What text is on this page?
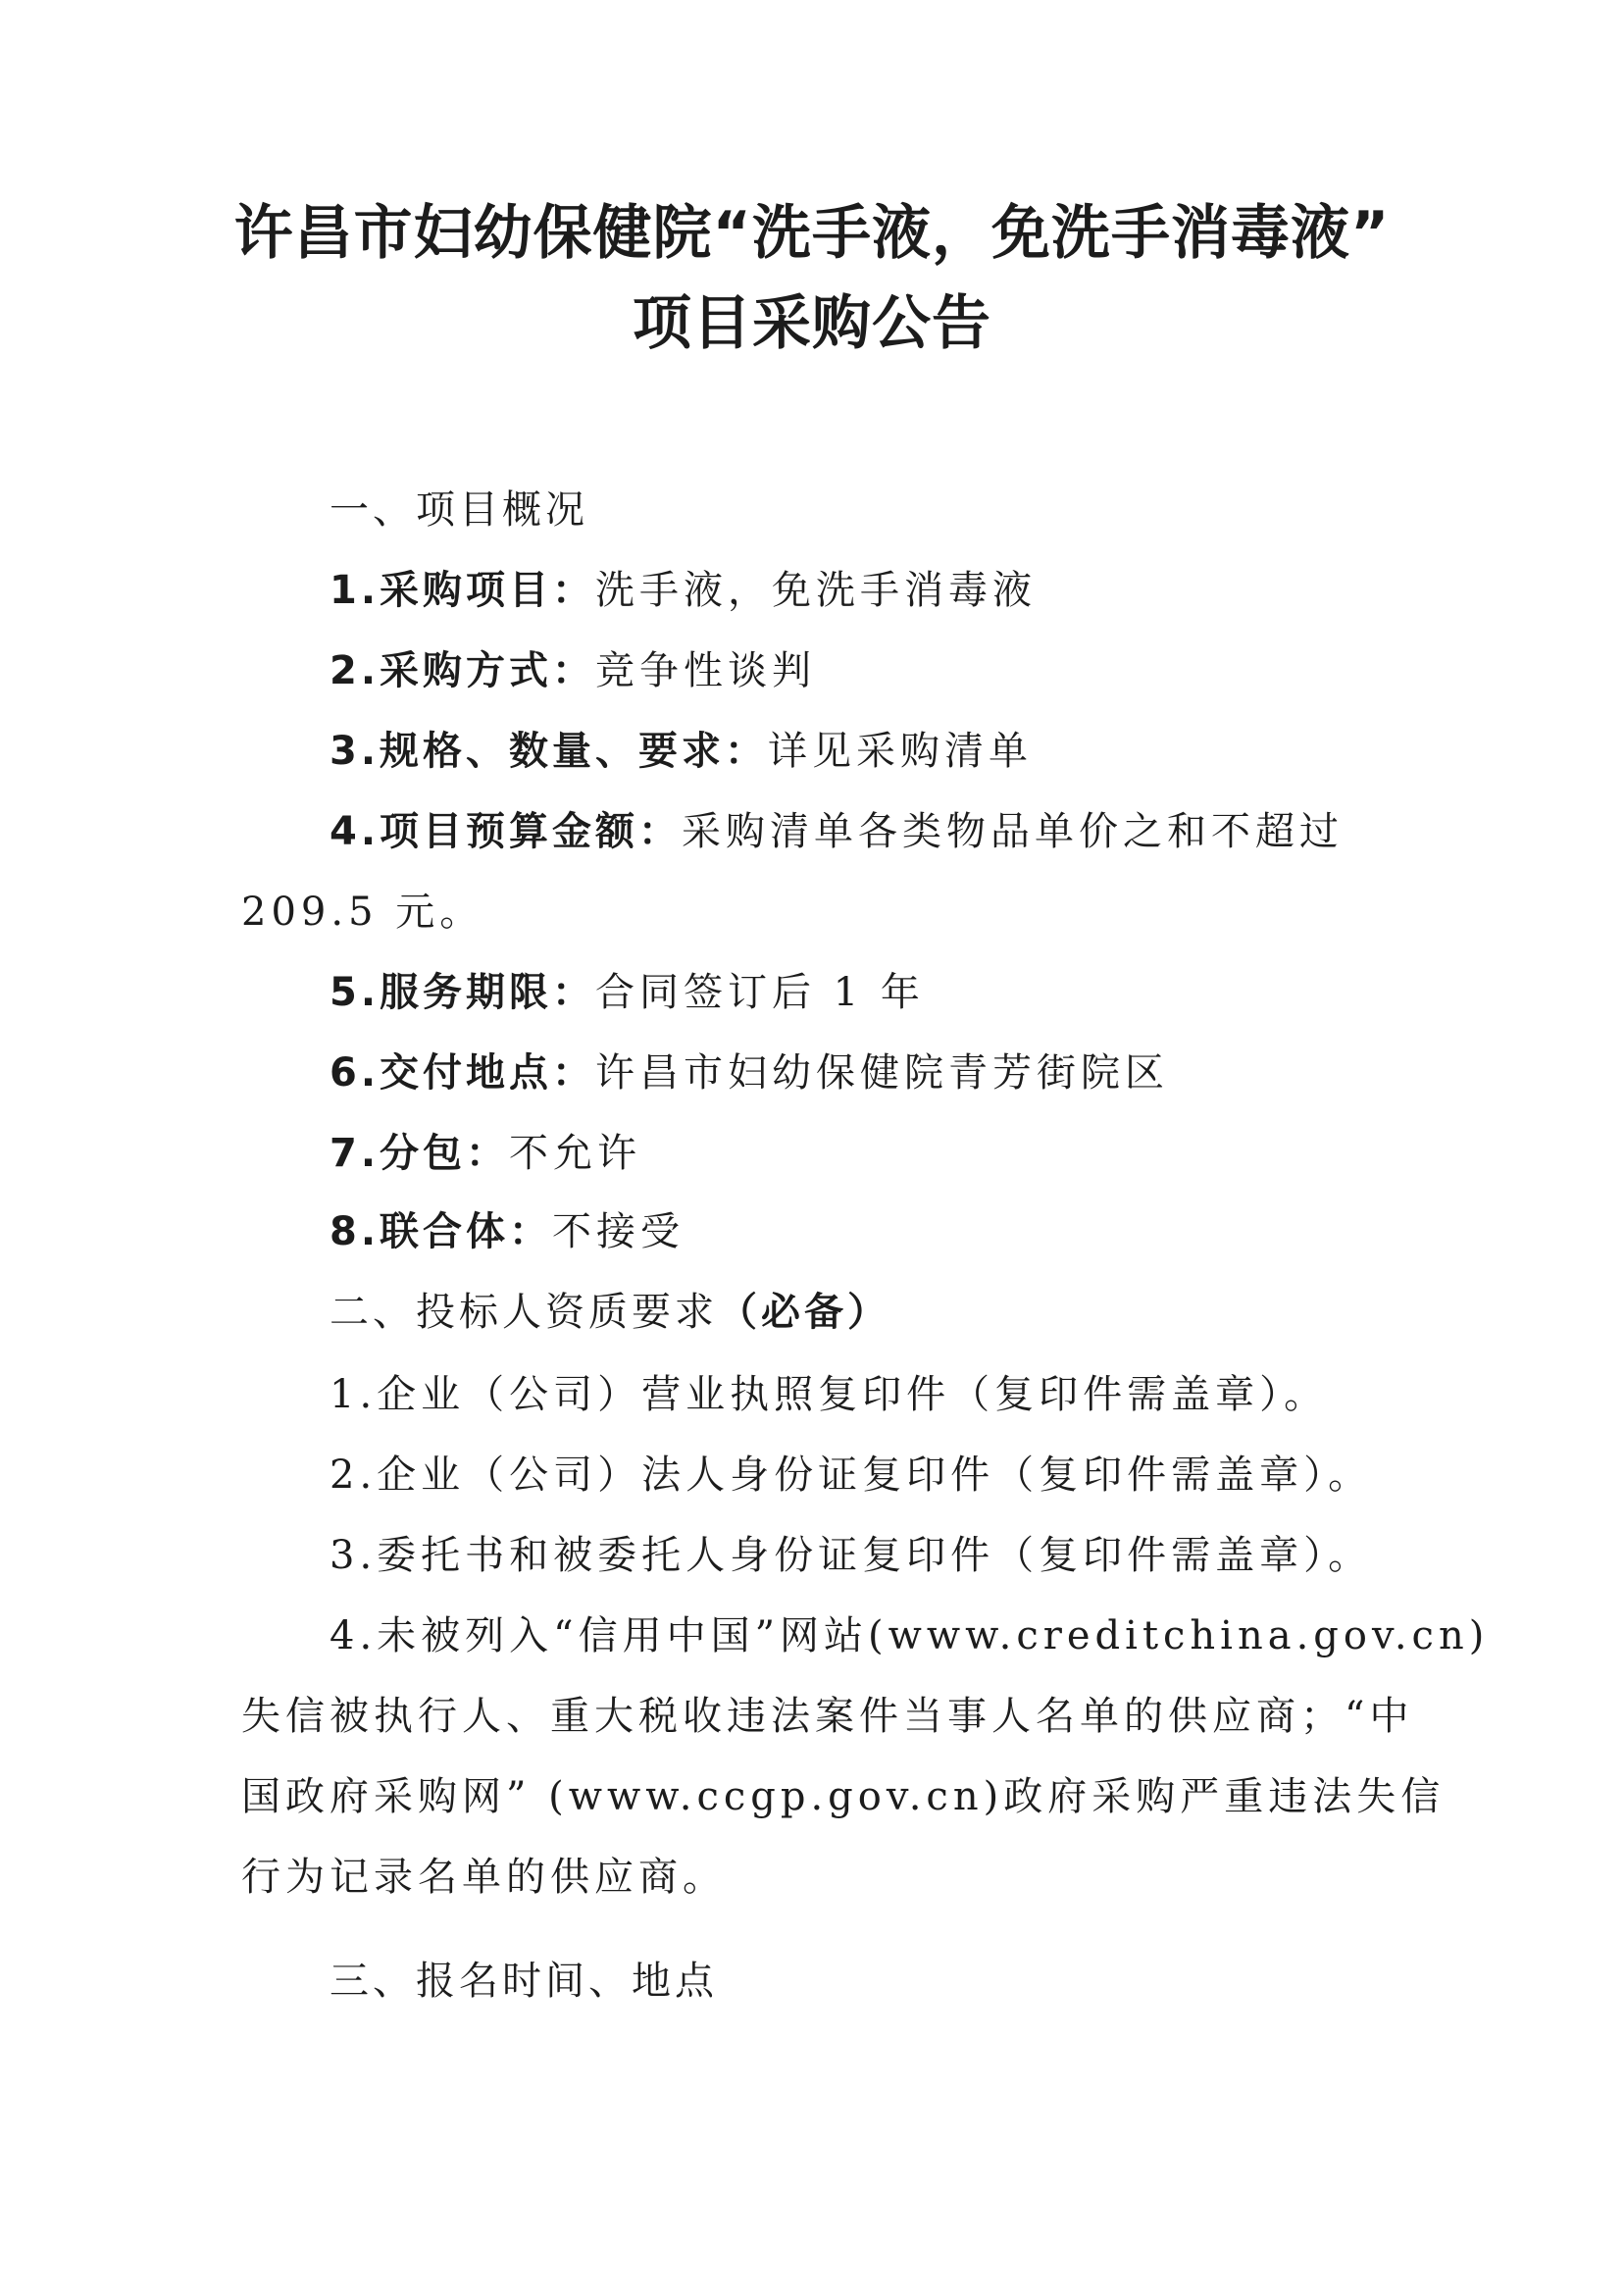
许昌市妇幼保健院“洗手液，免洗手消毒液”
项目采购公告
一、项目概况
1.采购项目：洗手液，免洗手消毒液
2.采购方式：竞争性谈判
3.规格、数量、要求：详见采购清单
4.项目预算金额：采购清单各类物品单价之和不超过
209.5 元。
5.服务期限：合同签订后 1 年
6.交付地点：许昌市妇幼保健院青芳街院区
7.分包：不允许
8.联合体：不接受
二、投标人资质要求（必备）
1.企业（公司）营业执照复印件（复印件需盖章）。
2.企业（公司）法人身份证复印件（复印件需盖章）。
3.委托书和被委托人身份证复印件（复印件需盖章）。
4.未被列入“信用中国”网站(www.creditchina.gov.cn)
失信被执行人、重大税收违法案件当事人名单的供应商；“中
国政府采购网” (www.ccgp.gov.cn)政府采购严重违法失信
行为记录名单的供应商。
三、报名时间、地点
